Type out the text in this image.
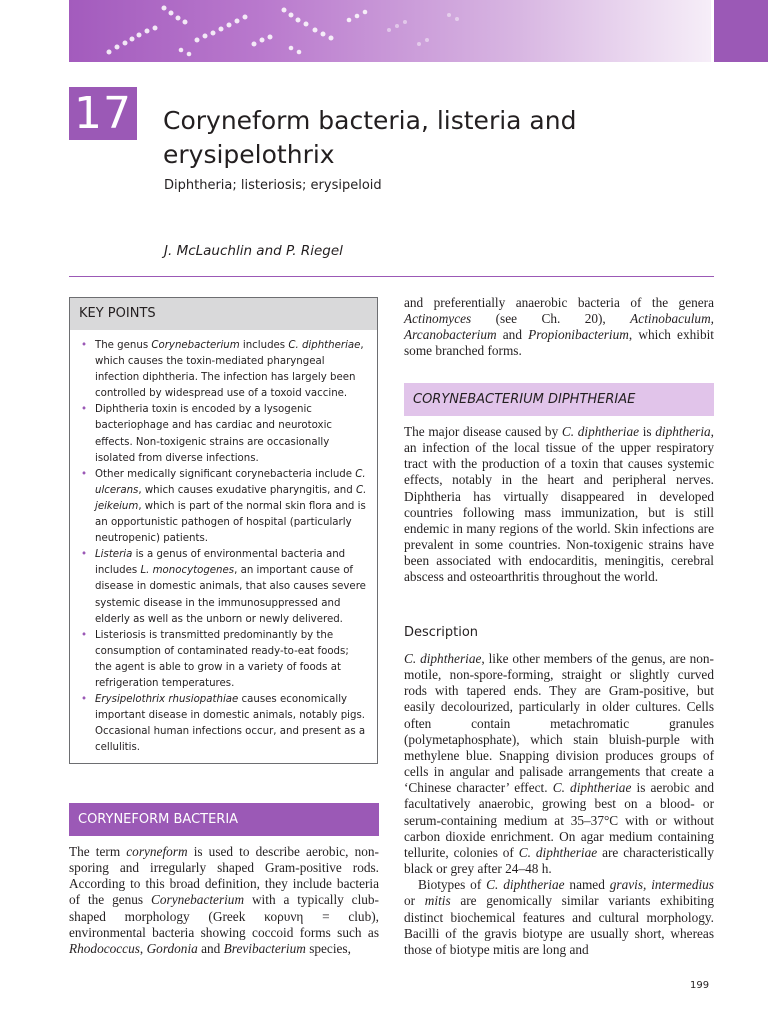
17 Coryneform bacteria, listeria and erysipelothrix
Diphtheria; listeriosis; erysipeloid
J. McLauchlin and P. Riegel
KEY POINTS
• The genus Corynebacterium includes C. diphtheriae, which causes the toxin-mediated pharyngeal infection diphtheria. The infection has largely been controlled by widespread use of a toxoid vaccine.
• Diphtheria toxin is encoded by a lysogenic bacteriophage and has cardiac and neurotoxic effects. Non-toxigenic strains are occasionally isolated from diverse infections.
• Other medically significant corynebacteria include C. ulcerans, which causes exudative pharyngitis, and C. jeikeium, which is part of the normal skin flora and is an opportunistic pathogen of hospital (particularly neutropenic) patients.
• Listeria is a genus of environmental bacteria and includes L. monocytogenes, an important cause of disease in domestic animals, that also causes severe systemic disease in the immunosuppressed and elderly as well as the unborn or newly delivered.
• Listeriosis is transmitted predominantly by the consumption of contaminated ready-to-eat foods; the agent is able to grow in a variety of foods at refrigeration temperatures.
• Erysipelothrix rhusiopathiae causes economically important disease in domestic animals, notably pigs. Occasional human infections occur, and present as a cellulitis.
CORYNEFORM BACTERIA

The term coryneform is used to describe aerobic, non-sporing and irregularly shaped Gram-positive rods. According to this broad definition, they include bacteria of the genus Corynebacterium with a typically club-shaped morphology (Greek κορυνη = club), environmental bacteria showing coccoid forms such as Rhodococcus, Gordonia and Brevibacterium species,

and preferentially anaerobic bacteria of the genera Actinomyces (see Ch. 20), Actinobaculum, Arcanobacterium and Propionibacterium, which exhibit some branched forms.

CORYNEBACTERIUM DIPHTHERIAE

The major disease caused by C. diphtheriae is diphtheria, an infection of the local tissue of the upper respiratory tract with the production of a toxin that causes systemic effects, notably in the heart and peripheral nerves. Diphtheria has virtually disappeared in developed countries following mass immunization, but is still endemic in many regions of the world. Skin infections are prevalent in some countries. Non-toxigenic strains have been associated with endocarditis, meningitis, cerebral abscess and osteoarthritis throughout the world.

Description

C. diphtheriae, like other members of the genus, are non-motile, non-spore-forming, straight or slightly curved rods with tapered ends. They are Gram-positive, but easily decolourized, particularly in older cultures. Cells often contain metachromatic granules (polymetaphosphate), which stain bluish-purple with methylene blue. Snapping division produces groups of cells in angular and palisade arrangements that create a ‘Chinese character’ effect. C. diphtheriae is aerobic and facultatively anaerobic, growing best on a blood- or serum-containing medium at 35–37°C with or without carbon dioxide enrichment. On agar medium containing tellurite, colonies of C. diphtheriae are characteristically black or grey after 24–48 h.

Biotypes of C. diphtheriae named gravis, intermedius or mitis are genomically similar variants exhibiting distinct biochemical features and cultural morphology. Bacilli of the gravis biotype are usually short, whereas those of biotype mitis are long and

199
